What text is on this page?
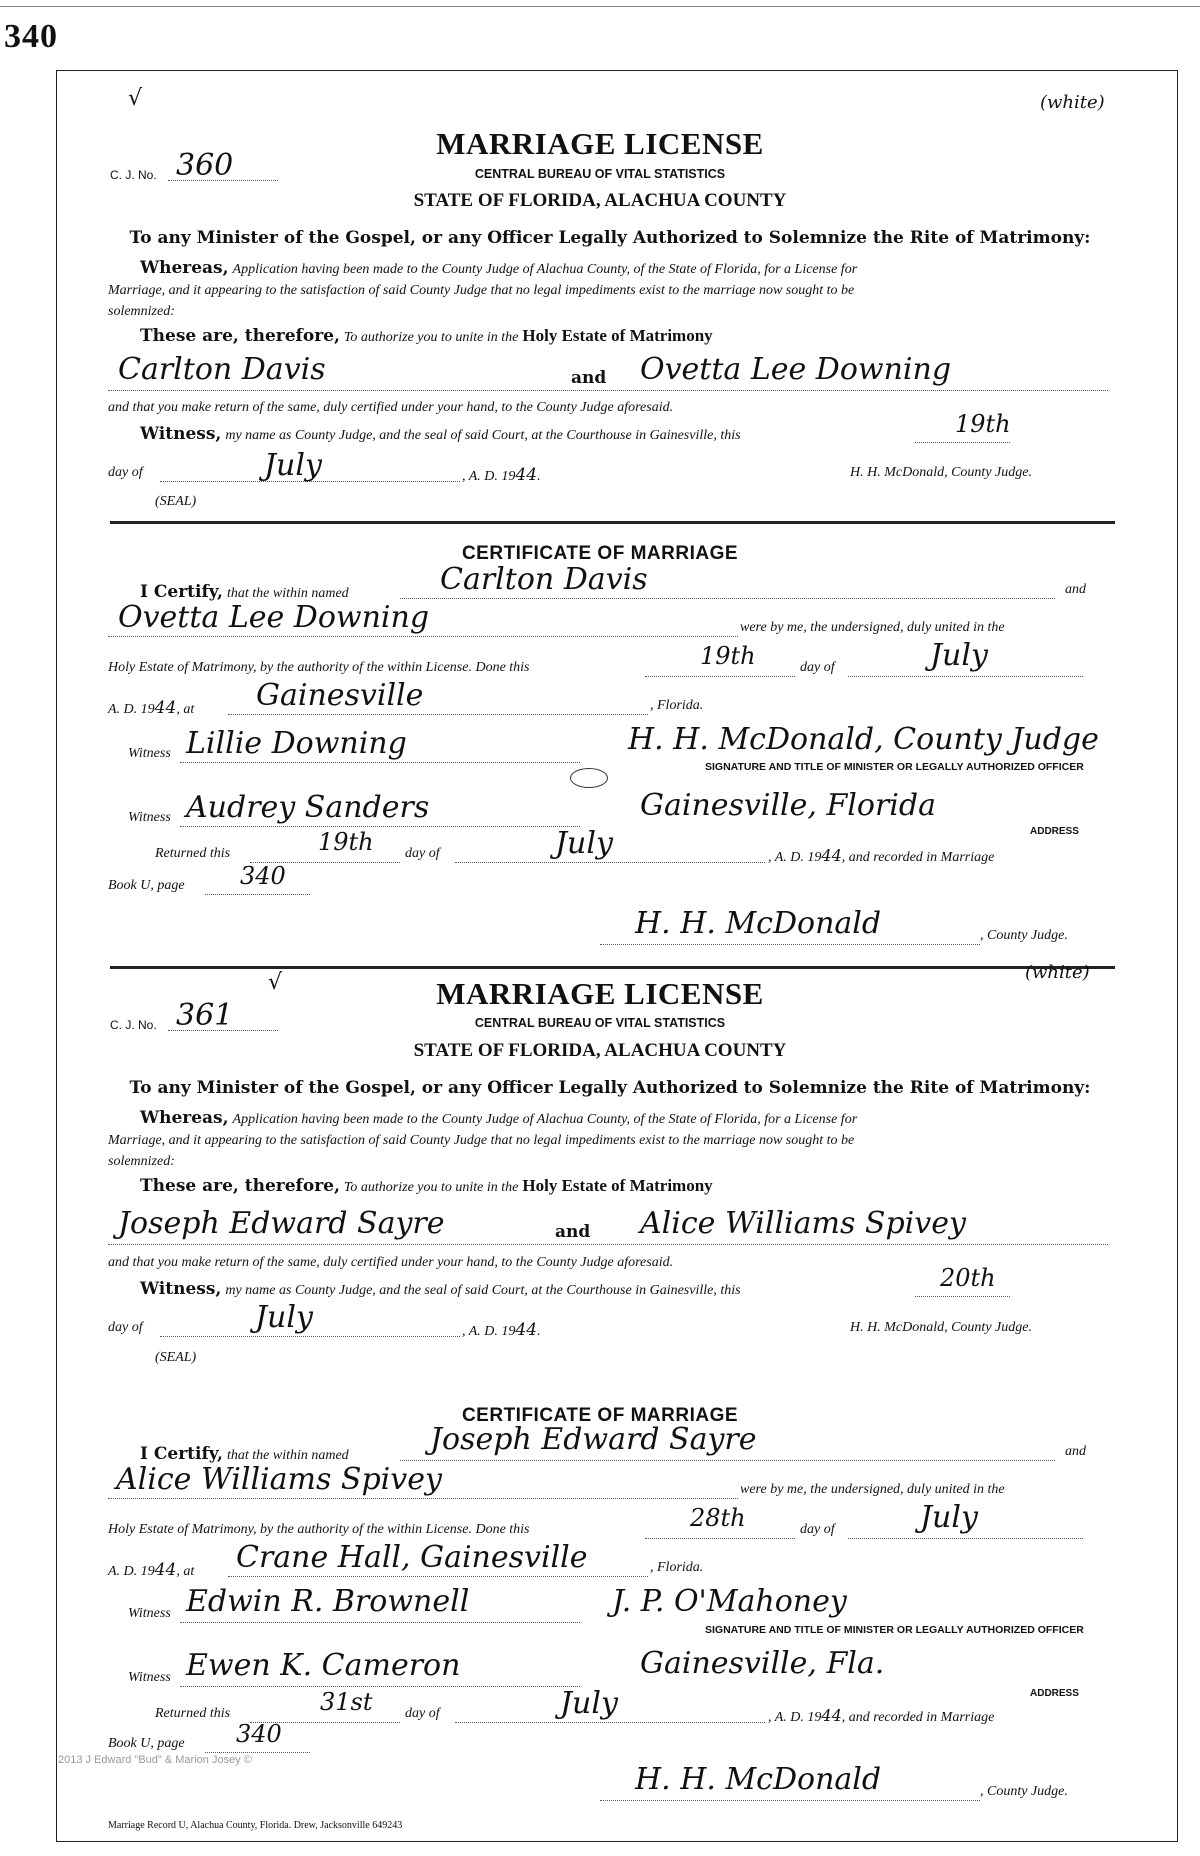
340
(white)
√
MARRIAGE LICENSE
C. J. No. 360	CENTRAL BUREAU OF VITAL STATISTICS
STATE OF FLORIDA, ALACHUA COUNTY
To any Minister of the Gospel, or any Officer Legally Authorized to Solemnize the Rite of Matrimony:
Whereas, Application having been made to the County Judge of Alachua County, of the State of Florida, for a License for
Marriage, and it appearing to the satisfaction of said County Judge that no legal impediments exist to the marriage now sought to be
solemnized:
These are, therefore, To authorize you to unite in the Holy Estate of Matrimony
Carlton Davis	and Ovetta Lee Downing
and that you make return of the same, duly certified under your hand, to the County Judge aforesaid.
Witness, my name as County Judge, and the seal of said Court, at the Courthouse in Gainesville, this	19th
day of	July	, A. D. 1944.	H. H. McDonald, County Judge.
(SEAL)
CERTIFICATE OF MARRIAGE
I Certify, that the within named	Carlton Davis	and
Ovetta Lee Downing	were by me, the undersigned, duly united in the
Holy Estate of Matrimony, by the authority of the within License. Done this	19th	day of	July
A. D. 1944, at Gainesville	, Florida.
Witness Lillie Downing	H. H. McDonald, County Judge
SIGNATURE AND TITLE OF MINISTER OR LEGALLY AUTHORIZED OFFICER
Witness Audrey Sanders	Gainesville, Florida
ADDRESS
Returned this	19th day of	July	, A. D. 1944, and recorded in Marriage
Book U, page 340
H. H. McDonald	, County Judge.
(white)
√	MARRIAGE LICENSE
C. J. No. 361	CENTRAL BUREAU OF VITAL STATISTICS
STATE OF FLORIDA, ALACHUA COUNTY
To any Minister of the Gospel, or any Officer Legally Authorized to Solemnize the Rite of Matrimony:
Whereas, Application having been made to the County Judge of Alachua County, of the State of Florida, for a License for
Marriage, and it appearing to the satisfaction of said County Judge that no legal impediments exist to the marriage now sought to be
solemnized:
These are, therefore, To authorize you to unite in the Holy Estate of Matrimony
Joseph Edward Sayre	and Alice Williams Spivey
and that you make return of the same, duly certified under your hand, to the County Judge aforesaid.
Witness, my name as County Judge, and the seal of said Court, at the Courthouse in Gainesville, this	20th
day of	July	, A. D. 1944.	H. H. McDonald, County Judge.
(SEAL)
CERTIFICATE OF MARRIAGE
I Certify, that the within named	Joseph Edward Sayre	and
Alice Williams Spivey	were by me, the undersigned, duly united in the
Holy Estate of Matrimony, by the authority of the within License. Done this	28th	day of	July
A. D. 1944, at Crane Hall, Gainesville	, Florida.
Witness Edwin R. Brownell	J. P. O'Mahoney
SIGNATURE AND TITLE OF MINISTER OR LEGALLY AUTHORIZED OFFICER
Witness Ewen K. Cameron	Gainesville, Fla.
ADDRESS
Returned this	31st day of	July	, A. D. 1944, and recorded in Marriage
Book U, page 340
2013 J Edward "Bud" & Marion Josey ©
H. H. McDonald	, County Judge.
Marriage Record U, Alachua County, Florida. Drew, Jacksonville 649243
